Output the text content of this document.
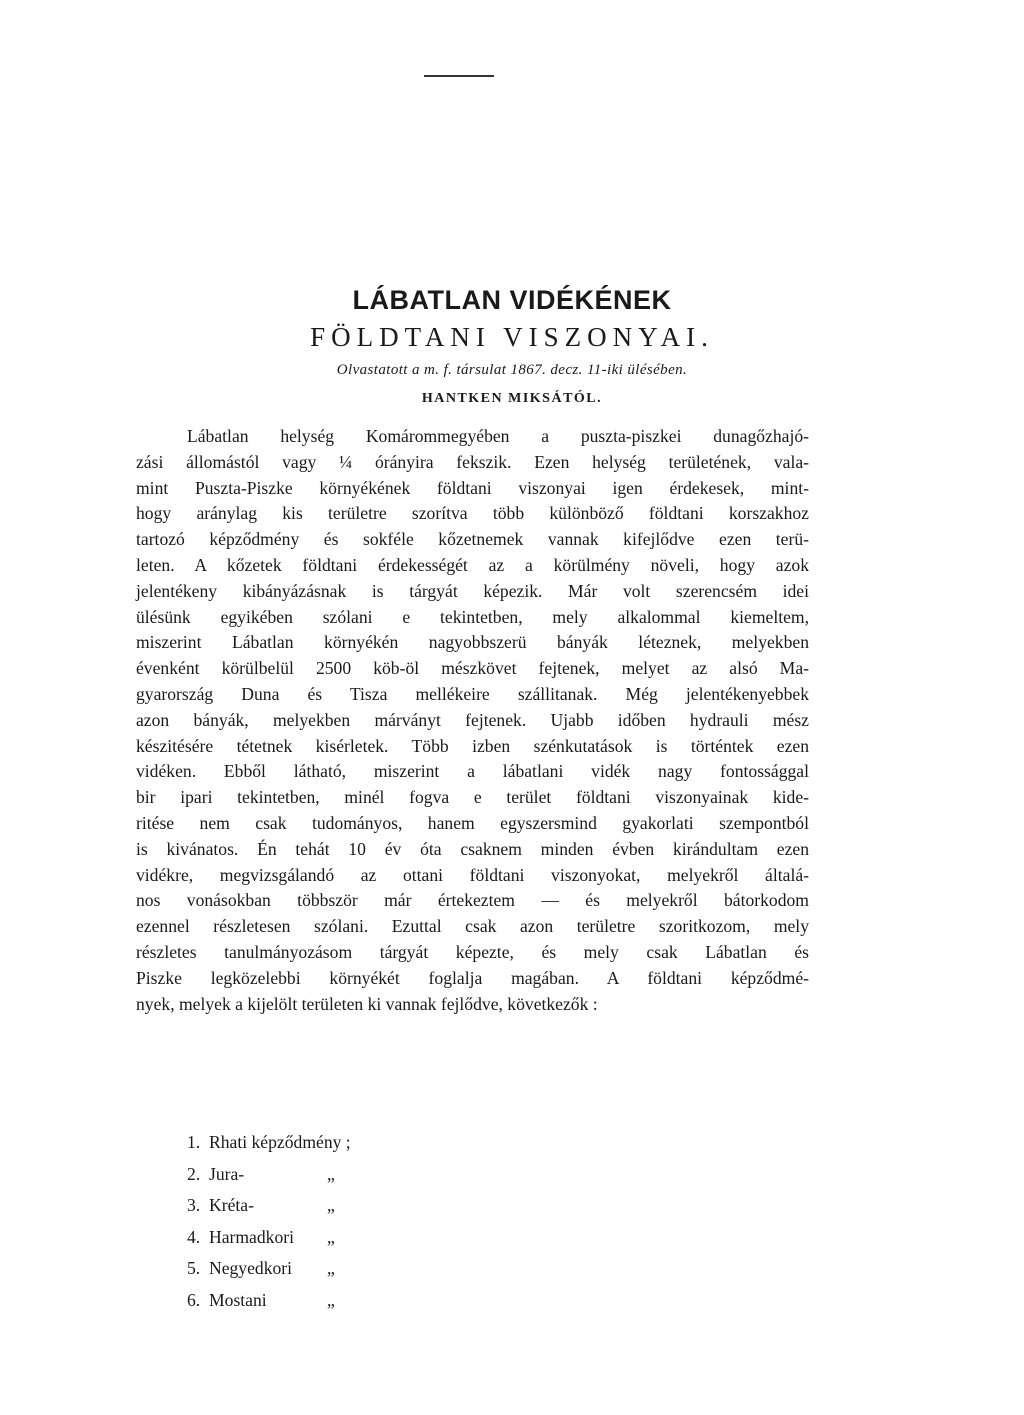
LÁBATLAN VIDÉKÉNEK
FÖLDTANI VISZONYAI.
Olvastatott a m. f. társulat 1867. decz. 11-iki ülésében.
HANTKEN MIKSÁTÓL.
Lábatlan helység Komárommegyében a puszta-piszkei dunagőzhajó-
zási állomástól vagy ¼ órányira fekszik. Ezen helység területének, vala-
mint Puszta-Piszke környékének földtani viszonyai igen érdekesek, mint-
hogy aránylag kis területre szorítva több különböző földtani korszakhoz
tartozó képződmény és sokféle kőzetnemek vannak kifejlődve ezen terü-
leten. A kőzetek földtani érdekességét az a körülmény növeli, hogy azok
jelentékeny kibányázásnak is tárgyát képezik. Már volt szerencsém idei
ülésünk egyikében szólani e tekintetben, mely alkalommal kiemeltem,
miszerint Lábatlan környékén nagyobbszerü bányák léteznek, melyekben
évenként körülbelül 2500 köb-öl mészkövet fejtenek, melyet az alsó Ma-
gyarország Duna és Tisza mellékeire szállitanak. Még jelentékenyebbek
azon bányák, melyekben márványt fejtenek. Ujabb időben hydrauli mész
készitésére tétetnek kisérletek. Több izben szénkutatások is történtek ezen
vidéken. Ebből látható, miszerint a lábatlani vidék nagy fontossággal
bir ipari tekintetben, minél fogva e terület földtani viszonyainak kide-
ritése nem csak tudományos, hanem egyszersmind gyakorlati szempontból
is kivánatos. Én tehát 10 év óta csaknem minden évben kirándultam ezen
vidékre, megvizsgálandó az ottani földtani viszonyokat, melyekről általá-
nos vonásokban többször már értekeztem — és melyekről bátorkodom
ezennel részletesen szólani. Ezuttal csak azon területre szoritkozom, mely
részletes tanulmányozásom tárgyát képezte, és mely csak Lábatlan és
Piszke legközelebbi környékét foglalja magában. A földtani képződmé-
nyek, melyek a kijelölt területen ki vannak fejlődve, következők :
1. Rhati képződmény ;
2. Jura-	„
3. Kréta-	„
4. Harmadkori	„
5. Negyedkori	„
6. Mostani	„
